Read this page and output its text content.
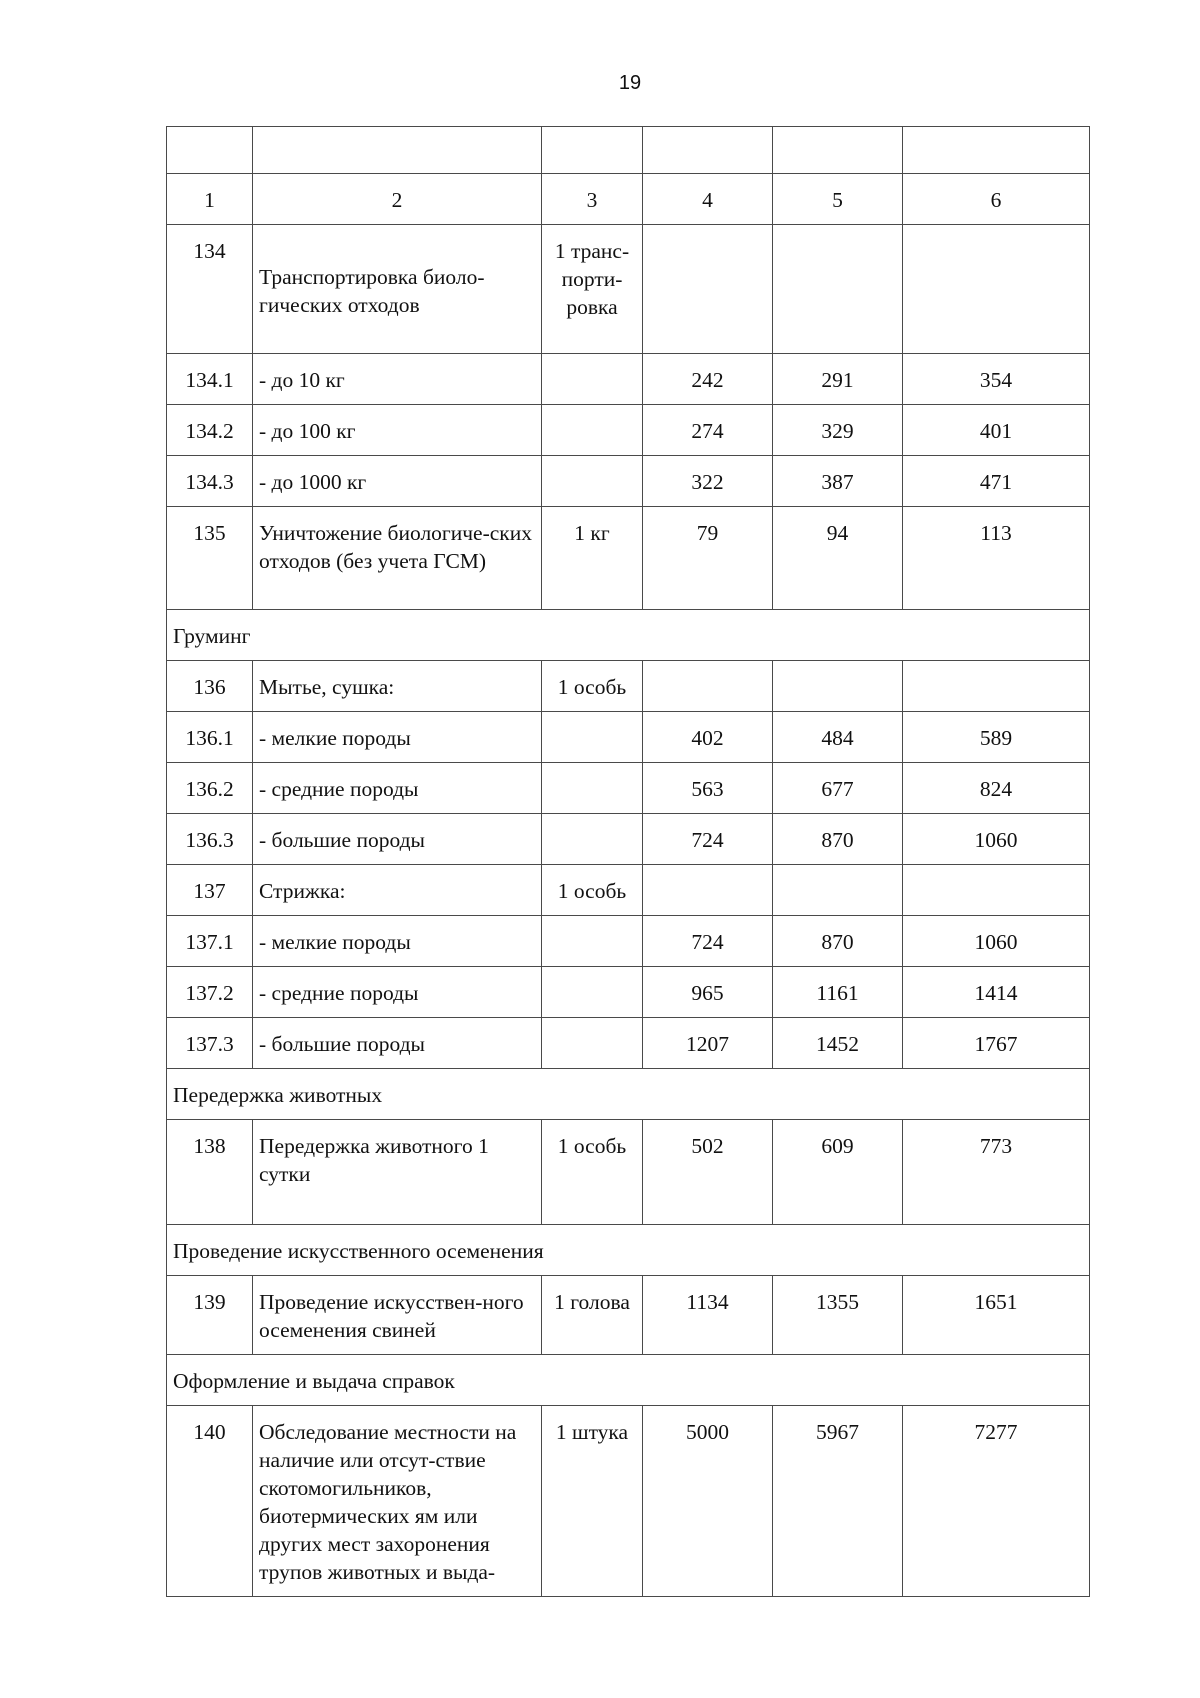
19

1	2	3	4	5	6
134	Транспортировка биоло-гических отходов	1 транс-порти-ровка			
134.1	- до 10 кг		242	291	354
134.2	- до 100 кг		274	329	401
134.3	- до 1000 кг		322	387	471
135	Уничтожение биологиче-ских отходов (без учета ГСМ)	1 кг	79	94	113
Груминг					
136	Мытье, сушка:	1 особь			
136.1	- мелкие породы		402	484	589
136.2	- средние породы		563	677	824
136.3	- большие породы		724	870	1060
137	Стрижка:	1 особь			
137.1	- мелкие породы		724	870	1060
137.2	- средние породы		965	1161	1414
137.3	- большие породы		1207	1452	1767
Передержка животных					
138	Передержка животного 1 сутки	1 особь	502	609	773
Проведение искусственного осеменения					
139	Проведение искусствен-ного осеменения свиней	1 голова	1134	1355	1651
Оформление и выдача справок					
140	Обследование местности на наличие или отсут-ствие скотомогильников, биотермических ям или других мест захоронения трупов животных и выда-	1 штука	5000	5967	7277
